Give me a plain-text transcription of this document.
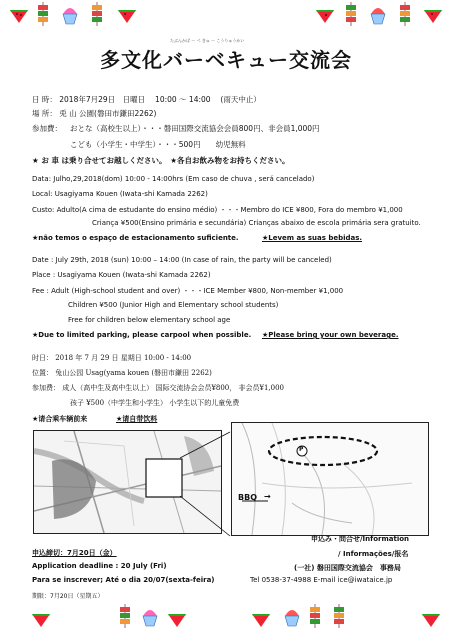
たぶんかば ー べ きゅ ー こうりゅうかい
多文化バーベキュー交流会
日 時： 2018年7月29日　日曜日　 10:00 ～ 14:00 　(雨天中止）
場 所： 兎 山 公園(磐田市鎌田2262)
参加費： おとな（高校生以上）・・・磐田国際交流協会会員800円、非会員1,000円
こども（小学生・中学生）・・・500円　　幼児無料
★ お 車 は乗り合せてお越しください。　★各自お飲み物をお持ちください。
Data: Julho,29,2018(dom) 10:00 - 14:00hrs (Em caso de chuva , será cancelado)
Local: Usagiyama Kouen (Iwata-shi Kamada 2262)
Custo: Adulto(A cima de estudante do ensino médio) ・・・Membro do ICE ¥800, Fora do membro ¥1,000
Criança ¥500(Ensino primária e secundária) Crianças abaixo de escola primária sera gratuito.
★não temos o espaço de estacionamento suficiente.	★Levem as suas bebidas.
Date : July 29th, 2018 (sun) 10:00 – 14:00 (In case of rain, the party will be canceled)
Place : Usagiyama Kouen (Iwata-shi Kamada 2262)
Fee : Adult (High-school student and over) ・・・ICE Member ¥800, Non-member ¥1,000
Children ¥500 (Junior High and Elementary school students)
Free for children below elementary school age
★Due to limited parking, please carpool when possible. ★Please bring your own beverage.
时日： 2018 年 7 月 29 日 星期日 10:00 - 14:00
位置： 兔山公园 Usag(yama kouen (磐田市鎌田 2262)
参加费： 成人（高中生及高中生以上） 国际交流协会会员¥800， 非会员¥1,000
孩子 ¥500（中学生和小学生） 小学生以下的儿童免费
★请合乘车辆前来	★请自带饮料
P
BBQ →
申込み・問合せ/Information
/ Informações/报名
申込締切：7月20日（金）
Application deadline : 20 July (Fri)
Para se inscrever; Até o dia 20/07(sexta-feira)
期限：7月20日（星期五）
(一社) 磐田国際交流協会　事務局
Tel 0538-37-4988 E-mail ice@iwataice.jp
